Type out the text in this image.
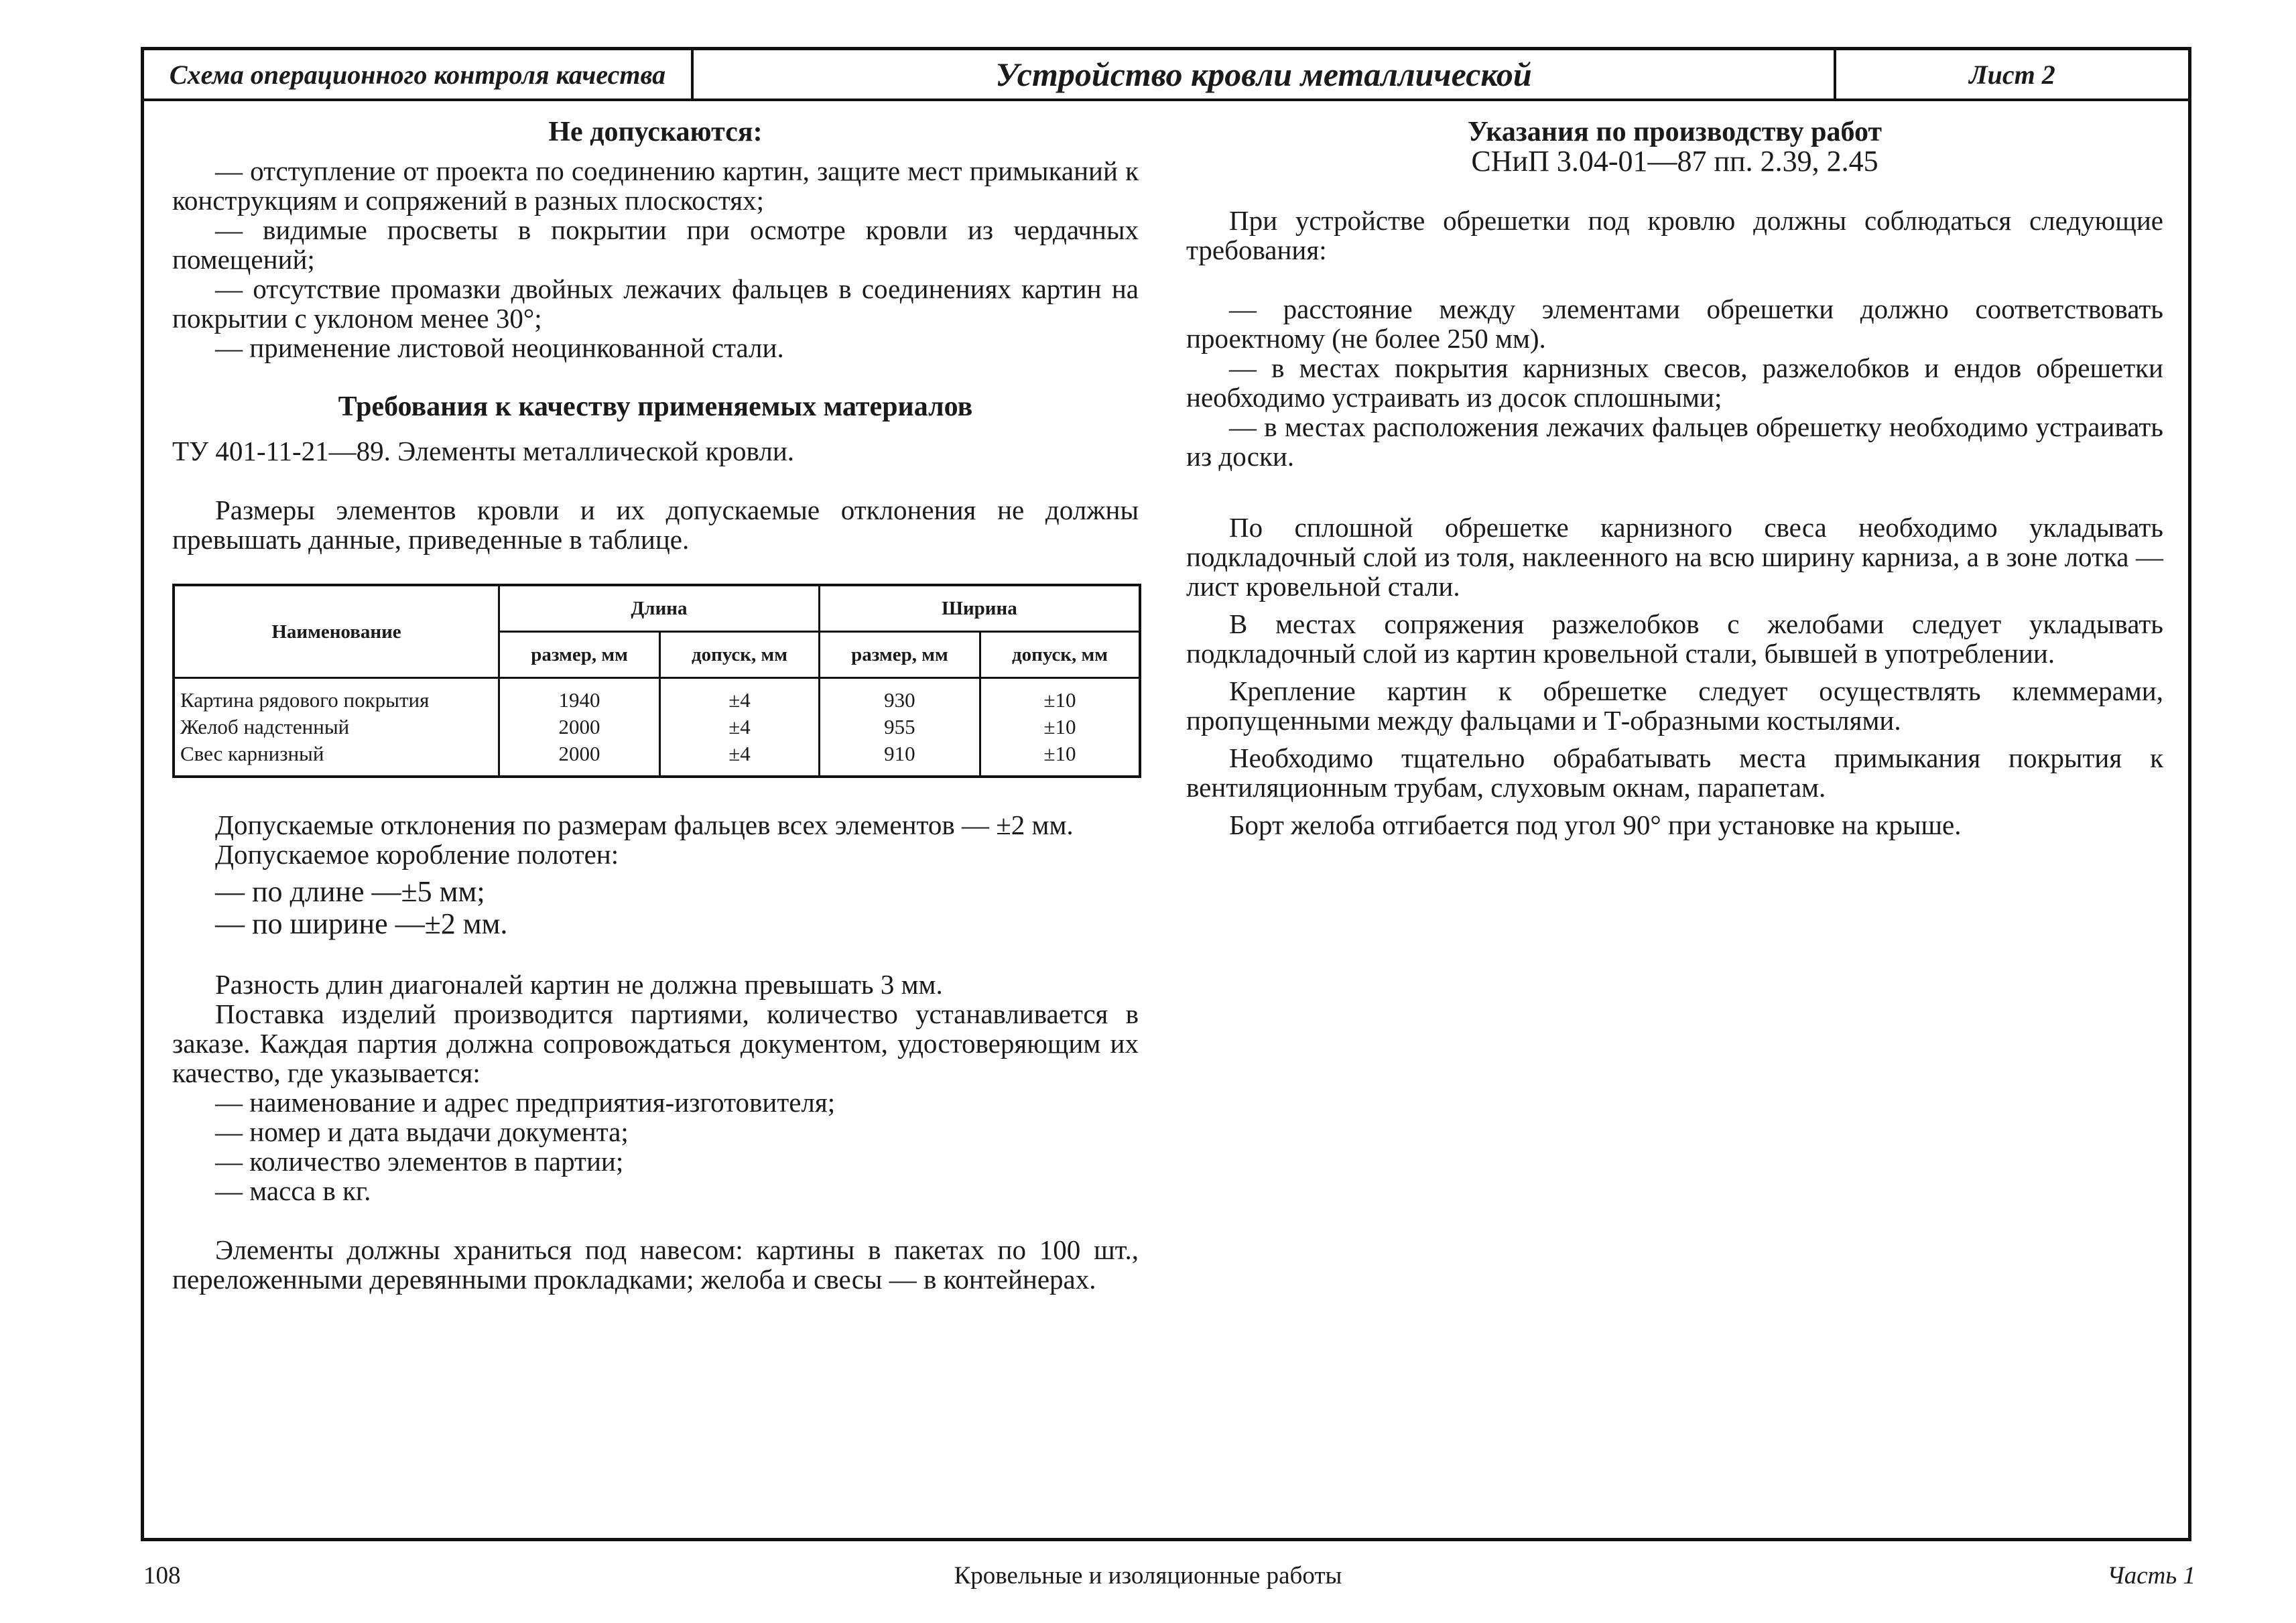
Схема операционного контроля качества	Устройство кровли металлической	Лист 2

Не допускаются:

— отступление от проекта по соединению картин, защите мест примыканий к конструкциям и сопряжений в разных плоскостях;

— видимые просветы в покрытии при осмотре кровли из чердачных помещений;

— отсутствие промазки двойных лежачих фальцев в соединениях картин на покрытии с уклоном менее 30°;

— применение листовой неоцинкованной стали.

Требования к качеству применяемых материалов

ТУ 401-11-21—89. Элементы металлической кровли.

Размеры элементов кровли и их допускаемые отклонения не должны превышать данные, приведенные в таблице.

Наименование	Длина		Ширина	
	размер, мм	допуск, мм	размер, мм	допуск, мм
Картина рядового покрытия	1940	±4	930	±10
Желоб надстенный	2000	±4	955	±10
Свес карнизный	2000	±4	910	±10

Допускаемые отклонения по размерам фальцев всех элементов — ±2 мм.

Допускаемое коробление полотен:

— по длине —±5 мм;

— по ширине —±2 мм.

Разность длин диагоналей картин не должна превышать 3 мм.

Поставка изделий производится партиями, количество устанавливается в заказе. Каждая партия должна сопровождаться документом, удостоверяющим их качество, где указывается:

— наименование и адрес предприятия-изготовителя;

— номер и дата выдачи документа;

— количество элементов в партии;

— масса в кг.

Элементы должны храниться под навесом: картины в пакетах по 100 шт., переложенными деревянными прокладками; желоба и свесы — в контейнерах.

Указания по производству работ

СНиП 3.04-01—87 пп. 2.39, 2.45

При устройстве обрешетки под кровлю должны соблюдаться следующие требования:

— расстояние между элементами обрешетки должно соответствовать проектному (не более 250 мм).

— в местах покрытия карнизных свесов, разжелобков и ендов обрешетки необходимо устраивать из досок сплошными;

— в местах расположения лежачих фальцев обрешетку необходимо устраивать из доски.

По сплошной обрешетке карнизного свеса необходимо укладывать подкладочный слой из толя, наклеенного на всю ширину карниза, а в зоне лотка — лист кровельной стали.

В местах сопряжения разжелобков с желобами следует укладывать подкладочный слой из картин кровельной стали, бывшей в употреблении.

Крепление картин к обрешетке следует осуществлять клеммерами, пропущенными между фальцами и Т-образными костылями.

Необходимо тщательно обрабатывать места примыкания покрытия к вентиляционным трубам, слуховым окнам, парапетам.

Борт желоба отгибается под угол 90° при установке на крыше.

108	Кровельные и изоляционные работы	Часть 1
